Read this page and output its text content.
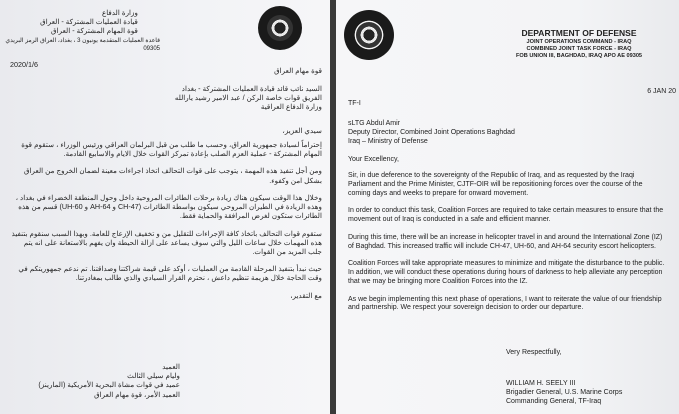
وزارة الدفاع
قيادة العمليات المشتركة - العراق
قوة المهام المشتركة - العراق
قاعدة العمليات المتقدمة يونيون 3 ، بغداد، العراق الرمز البريدي 09305
2020/1/6
قوة مهام العراق
السيد نائب قائد قيادة العمليات المشتركة - بغداد
الفريق قوات خاصة الركن / عبد الامير رشيد يارالله
وزارة الدفاع العراقية
سيدي العزيز،

إحتراماً لسيادة جمهورية العراق، وحسب ما طلب من قبل البرلمان العراقي ورئيس الوزراء ، ستقوم قوة المهام المشتركة - عملية العزم الصلب بإعادة تمركز القوات خلال الايام والاسابيع القادمة.

ومن أجل تنفيذ هذه المهمة ، يتوجب على قوات التحالف اتخاذ اجراءات معينة لضمان الخروج من العراق بشكل امن وكفوء.

وخلال هذا الوقت سيكون هناك زيادة برحلات الطائرات المروحية داخل وحول المنطقة الخضراء في بغداد ، وهذه الزيادة في الطيران المروحي سيكون بواسطة الطائرات (CH-47 و AH-64 و UH-60) قسم من هذه الطائرات ستكون لغرض المرافقة والحماية فقط.

ستقوم قوات التحالف باتخاذ كافة الإجراءات للتقليل من و تخفيف الإزعاج للعامة. وبهذا السبب سنقوم بتنفيذ هذه المهمات خلال ساعات الليل والتي سوف يساعد على ازالة الحيطة وان يفهم بالاستعانة على انه يتم جلب المزيد من القوات.

حيث نبدأ بتنفيذ المرحلة القادمة من العمليات ، أوكد على قيمة شراكتنا وصداقتنا. تم ندعم جمهوريتكم في وقت الحاجة خلال هزيمة تنظيم داعش ، نحترم القرار السيادي والذي طالب بمغادرتنا.

مع التقدير،

العميد
وليام سيلي الثالث
عميد في قوات مشاة البحرية الأمريكية (المارينز)
العميد الأمر، قوة مهام العراق
DEPARTMENT OF DEFENSE
JOINT OPERATIONS COMMAND - IRAQ
COMBINED JOINT TASK FORCE - IRAQ
FOB UNION III, BAGHDAD, IRAQ APO AE 09305
6 JAN 20
TF-I
sLTG Abdul Amir
Deputy Director, Combined Joint Operations Baghdad
Iraq – Ministry of Defense
Your Excellency,

Sir, in due deference to the sovereignty of the Republic of Iraq, and as requested by the Iraqi Parliament and the Prime Minister, CJTF-OIR will be repositioning forces over the course of the coming days and weeks to prepare for onward movement.

In order to conduct this task, Coalition Forces are required to take certain measures to ensure that the movement out of Iraq is conducted in a safe and efficient manner.

During this time, there will be an increase in helicopter travel in and around the International Zone (IZ) of Baghdad. This increased traffic will include CH-47, UH-60, and AH-64 security escort helicopters.

Coalition Forces will take appropriate measures to minimize and mitigate the disturbance to the public. In addition, we will conduct these operations during hours of darkness to help alleviate any perception that we may be bringing more Coalition Forces into the IZ.

As we begin implementing this next phase of operations, I want to reiterate the value of our friendship and partnership. We respect your sovereign decision to order our departure.

Very Respectfully,
WILLIAM H. SEELY III
Brigadier General, U.S. Marine Corps
Commanding General, TF-Iraq
